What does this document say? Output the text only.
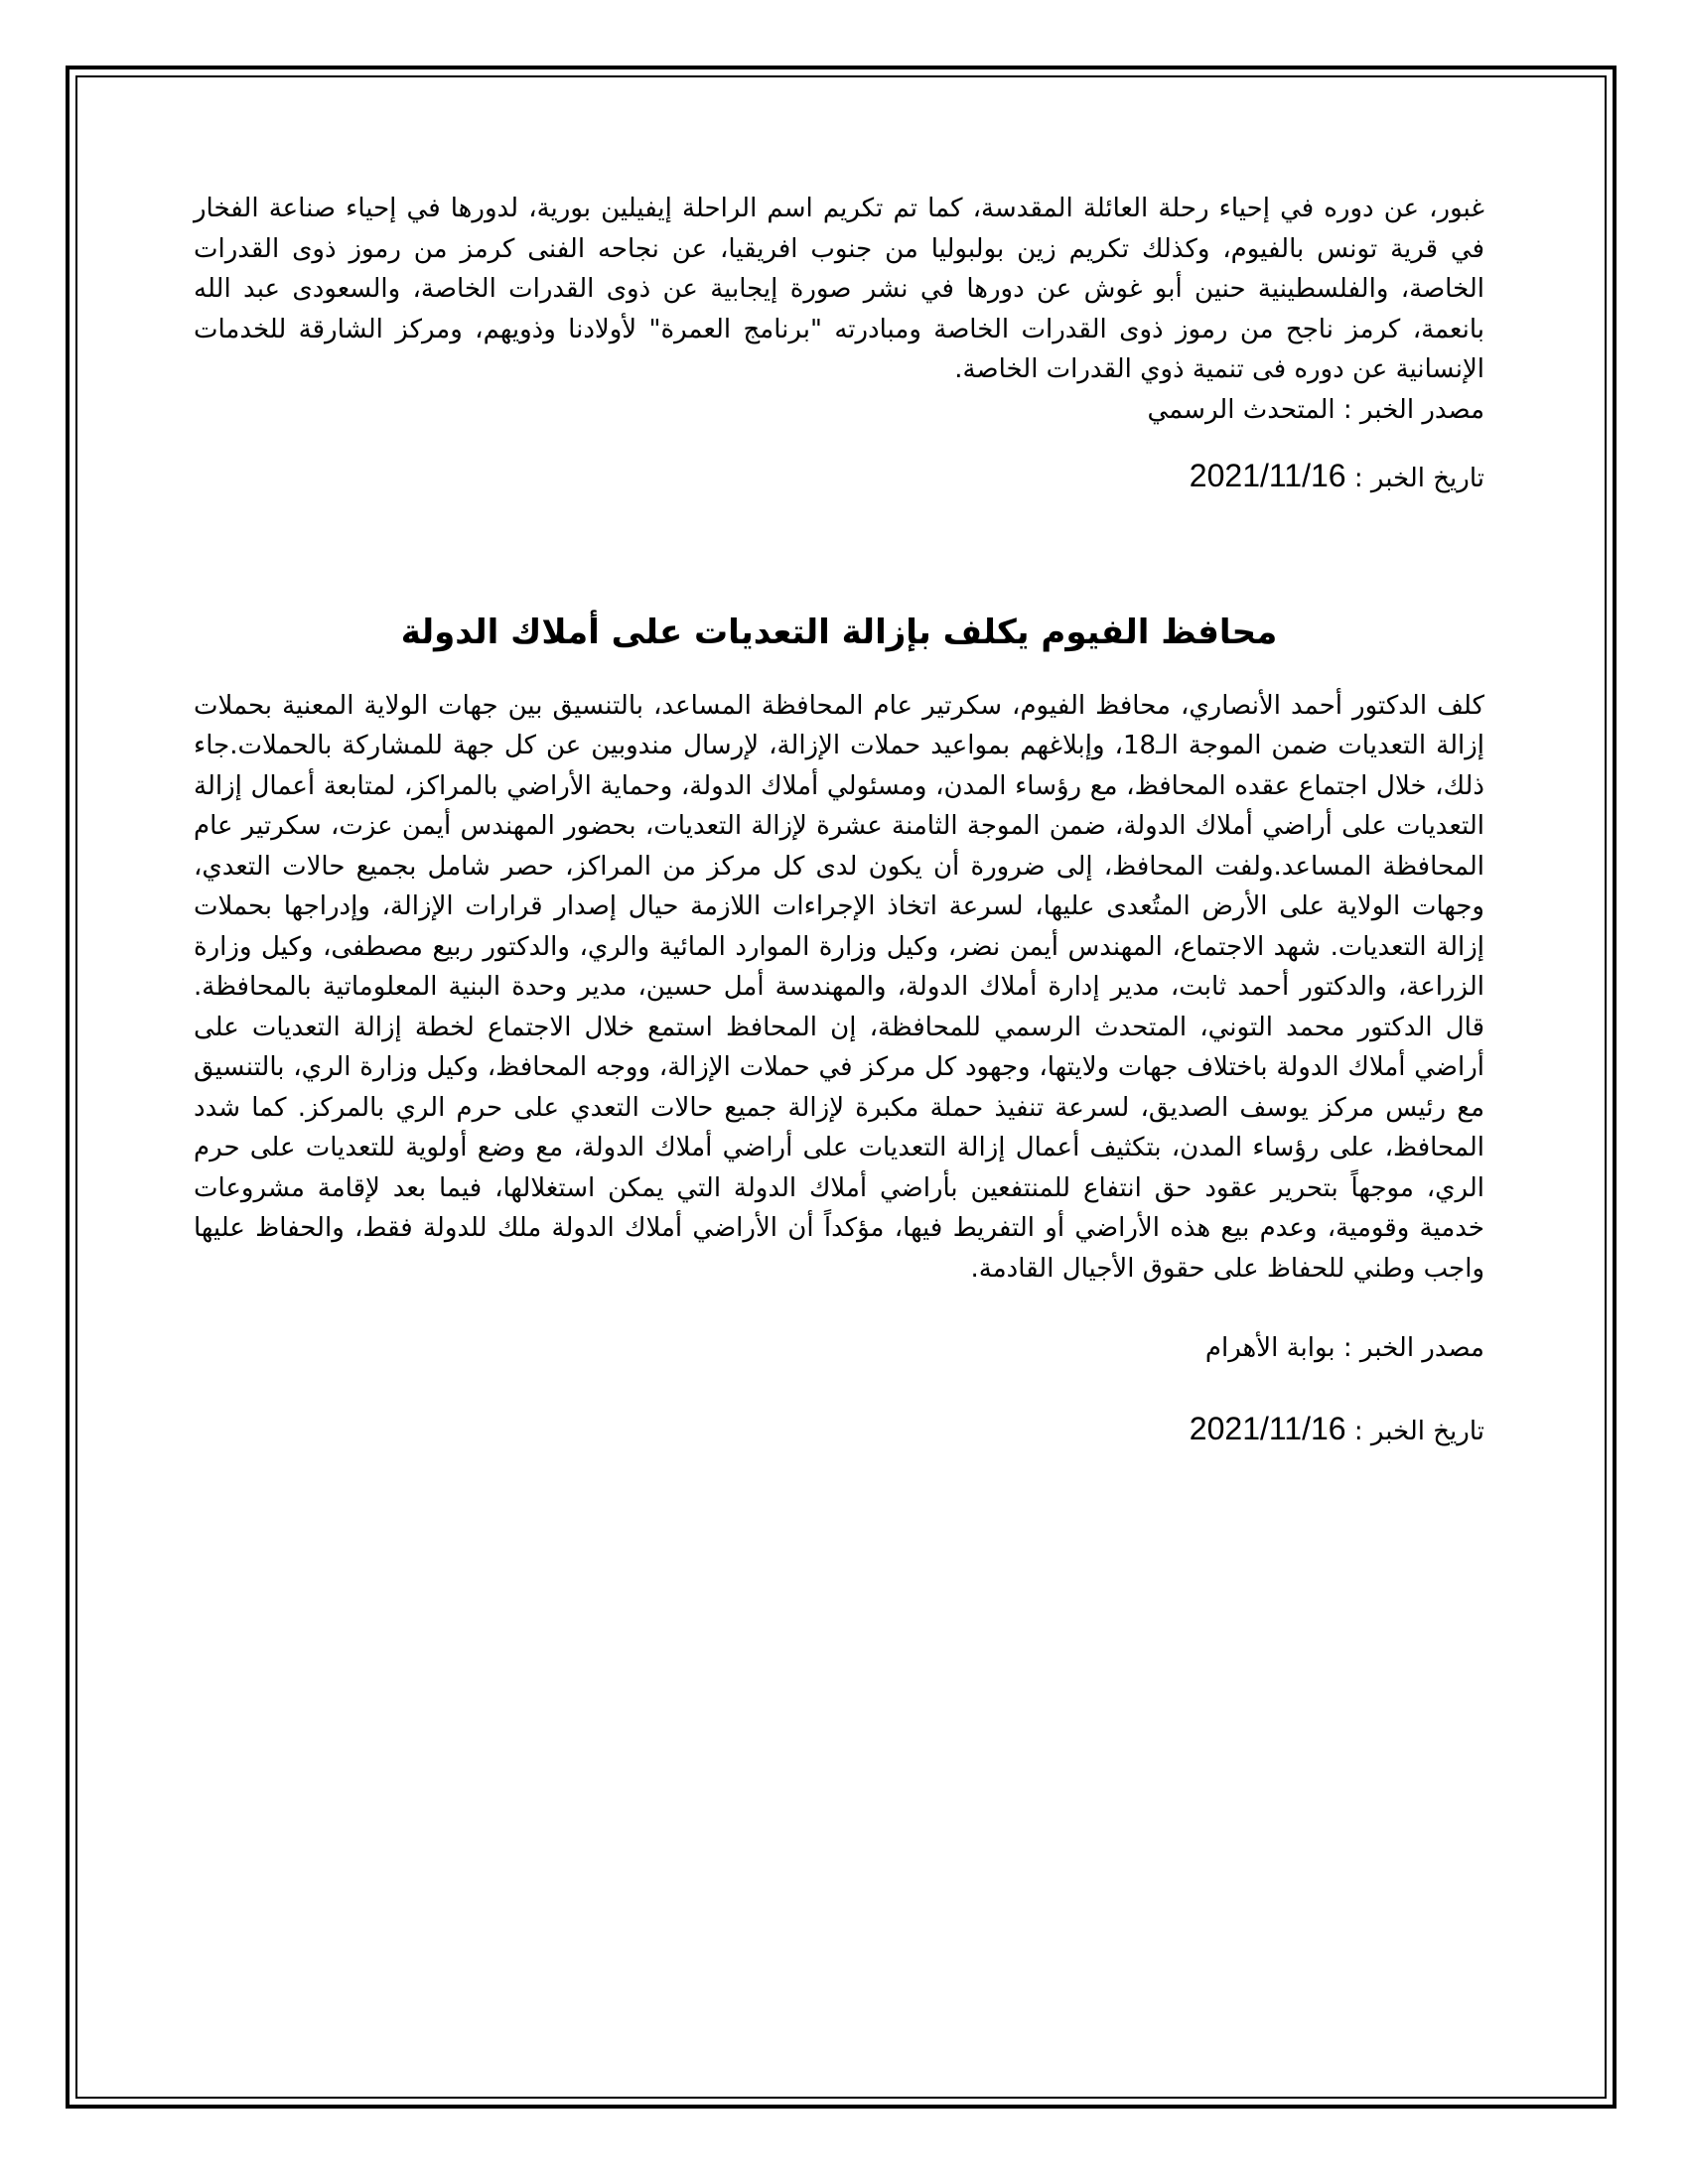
غبور، عن دوره في إحياء رحلة العائلة المقدسة، كما تم تكريم اسم الراحلة إيفيلين بورية، لدورها في إحياء صناعة الفخار في قرية تونس بالفيوم، وكذلك تكريم زين بولبوليا من جنوب افريقيا، عن نجاحه الفنى كرمز من رموز ذوى القدرات الخاصة، والفلسطينية حنين أبو غوش عن دورها في نشر صورة إيجابية عن ذوى القدرات الخاصة، والسعودى عبد الله بانعمة، كرمز ناجح من رموز ذوى القدرات الخاصة ومبادرته "برنامج العمرة" لأولادنا وذويهم، ومركز الشارقة للخدمات الإنسانية عن دوره فى تنمية ذوي القدرات الخاصة.

مصدر الخبر : المتحدث الرسمي

تاريخ الخبر : 2021/11/16

محافظ الفيوم يكلف بإزالة التعديات على أملاك الدولة

كلف الدكتور أحمد الأنصاري، محافظ الفيوم، سكرتير عام المحافظة المساعد، بالتنسيق بين جهات الولاية المعنية بحملات إزالة التعديات ضمن الموجة الـ18، وإبلاغهم بمواعيد حملات الإزالة، لإرسال مندوبين عن كل جهة للمشاركة بالحملات.جاء ذلك، خلال اجتماع عقده المحافظ، مع رؤساء المدن، ومسئولي أملاك الدولة، وحماية الأراضي بالمراكز، لمتابعة أعمال إزالة التعديات على أراضي أملاك الدولة، ضمن الموجة الثامنة عشرة لإزالة التعديات، بحضور المهندس أيمن عزت، سكرتير عام المحافظة المساعد.ولفت المحافظ، إلى ضرورة أن يكون لدى كل مركز من المراكز، حصر شامل بجميع حالات التعدي، وجهات الولاية على الأرض المتُعدى عليها، لسرعة اتخاذ الإجراءات اللازمة حيال إصدار قرارات الإزالة، وإدراجها بحملات إزالة التعديات. شهد الاجتماع، المهندس أيمن نضر، وكيل وزارة الموارد المائية والري، والدكتور ربيع مصطفى، وكيل وزارة الزراعة، والدكتور أحمد ثابت، مدير إدارة أملاك الدولة، والمهندسة أمل حسين، مدير وحدة البنية المعلوماتية بالمحافظة. قال الدكتور محمد التوني، المتحدث الرسمي للمحافظة، إن المحافظ استمع خلال الاجتماع لخطة إزالة التعديات على أراضي أملاك الدولة باختلاف جهات ولايتها، وجهود كل مركز في حملات الإزالة، ووجه المحافظ، وكيل وزارة الري، بالتنسيق مع رئيس مركز يوسف الصديق، لسرعة تنفيذ حملة مكبرة لإزالة جميع حالات التعدي على حرم الري بالمركز. كما شدد المحافظ، على رؤساء المدن، بتكثيف أعمال إزالة التعديات على أراضي أملاك الدولة، مع وضع أولوية للتعديات على حرم الري، موجهاً بتحرير عقود حق انتفاع للمنتفعين بأراضي أملاك الدولة التي يمكن استغلالها، فيما بعد لإقامة مشروعات خدمية وقومية، وعدم بيع هذه الأراضي أو التفريط فيها، مؤكداً أن الأراضي أملاك الدولة ملك للدولة فقط، والحفاظ عليها واجب وطني للحفاظ على حقوق الأجيال القادمة.

مصدر الخبر : بوابة الأهرام

تاريخ الخبر : 2021/11/16
